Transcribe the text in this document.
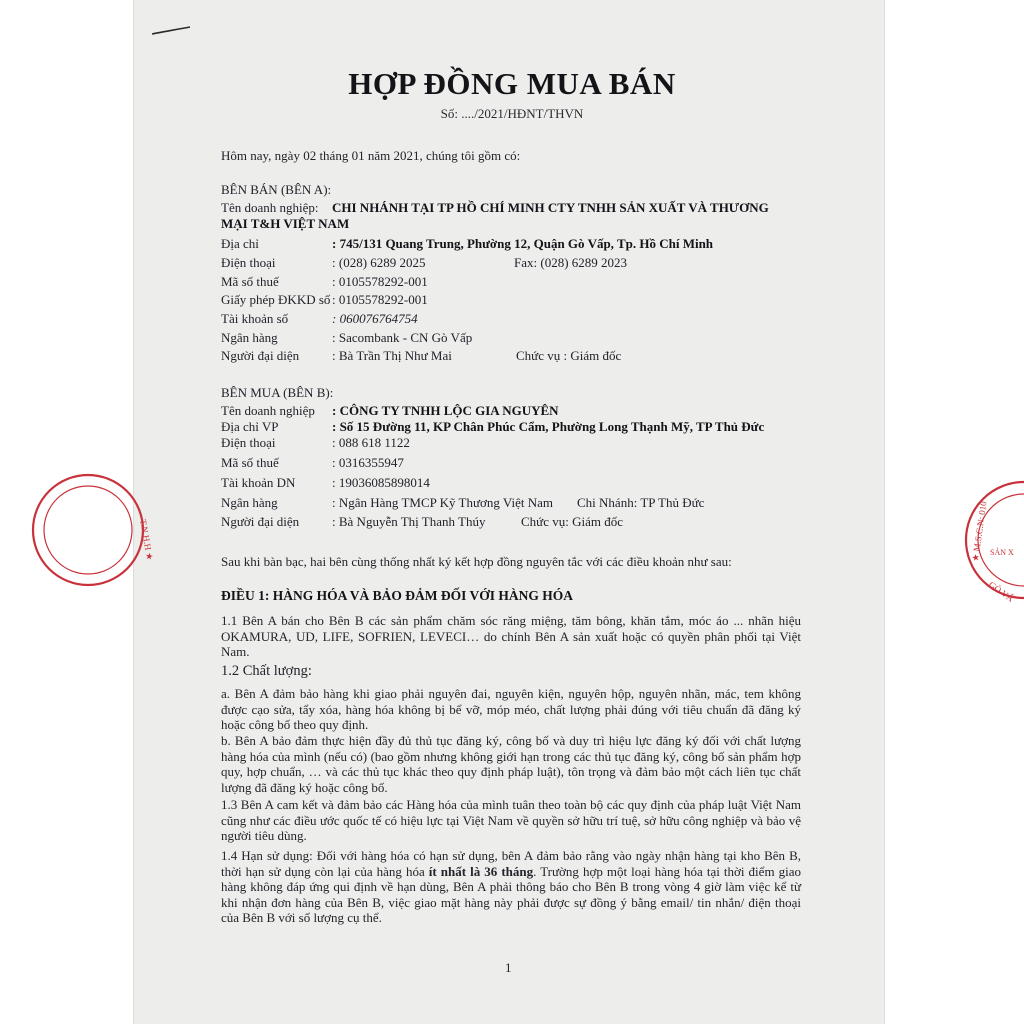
T.N.H.H ★	★ M.S.C.N: 010 SẢN X
GÒ VẤ
HỢP ĐỒNG MUA BÁN
Số: ..../2021/HĐNT/THVN
Hôm nay, ngày 02 tháng 01 năm 2021, chúng tôi gồm có:
BÊN BÁN (BÊN A):
Tên doanh nghiệp: CHI NHÁNH TẠI TP HỒ CHÍ MINH CTY TNHH SẢN XUẤT VÀ THƯƠNG
MẠI T&H VIỆT NAM
Địa chỉ	: 745/131 Quang Trung, Phường 12, Quận Gò Vấp, Tp. Hồ Chí Minh
Điện thoại	: (028) 6289 2025	Fax: (028) 6289 2023
Mã số thuế	: 0105578292-001
Giấy phép ĐKKD số : 0105578292-001
Tài khoản số	: 060076764754
Ngân hàng	: Sacombank - CN Gò Vấp
Người đại diện	: Bà Trần Thị Như Mai	Chức vụ : Giám đốc
BÊN MUA (BÊN B):
Tên doanh nghiệp : CÔNG TY TNHH LỘC GIA NGUYÊN
Địa chỉ VP	: Số 15 Đường 11, KP Chân Phúc Cẩm, Phường Long Thạnh Mỹ, TP Thủ Đức
Điện thoại	: 088 618 1122
Mã số thuế	: 0316355947
Tài khoản DN	: 19036085898014
Ngân hàng	: Ngân Hàng TMCP Kỹ Thương Việt Nam Chi Nhánh: TP Thủ Đức
Người đại diện	: Bà Nguyễn Thị Thanh Thúy	Chức vụ: Giám đốc
Sau khi bàn bạc, hai bên cùng thống nhất ký kết hợp đồng nguyên tắc với các điều khoản như sau:
ĐIỀU 1: HÀNG HÓA VÀ BẢO ĐẢM ĐỐI VỚI HÀNG HÓA
1.1 Bên A bán cho Bên B các sản phẩm chăm sóc răng miệng, tăm bông, khăn tắm, móc áo ... nhãn hiệu OKAMURA, UD, LIFE, SOFRIEN, LEVECI… do chính Bên A sản xuất hoặc có quyền phân phối tại Việt Nam.
1.2 Chất lượng:
a. Bên A đảm bảo hàng khi giao phải nguyên đai, nguyên kiện, nguyên hộp, nguyên nhãn, mác, tem không được cạo sửa, tẩy xóa, hàng hóa không bị bể vỡ, móp méo, chất lượng phải đúng với tiêu chuẩn đã đăng ký hoặc công bố theo quy định.
b. Bên A bảo đảm thực hiện đầy đủ thủ tục đăng ký, công bố và duy trì hiệu lực đăng ký đối với chất lượng hàng hóa của mình (nếu có) (bao gồm nhưng không giới hạn trong các thủ tục đăng ký, công bố sản phẩm hợp quy, hợp chuẩn, … và các thủ tục khác theo quy định pháp luật), tôn trọng và đảm bảo một cách liên tục chất lượng đã đăng ký hoặc công bố.
1.3 Bên A cam kết và đảm bảo các Hàng hóa của mình tuân theo toàn bộ các quy định của pháp luật Việt Nam cũng như các điều ước quốc tế có hiệu lực tại Việt Nam về quyền sở hữu trí tuệ, sở hữu công nghiệp và bảo vệ người tiêu dùng.
1.4 Hạn sử dụng: Đối với hàng hóa có hạn sử dụng, bên A đảm bảo rằng vào ngày nhận hàng tại kho Bên B, thời hạn sử dụng còn lại của hàng hóa ít nhất là 36 tháng. Trường hợp một loại hàng hóa tại thời điểm giao hàng không đáp ứng qui định về hạn dùng, Bên A phải thông báo cho Bên B trong vòng 4 giờ làm việc kể từ khi nhận đơn hàng của Bên B, việc giao mặt hàng này phải được sự đồng ý bằng email/ tin nhắn/ điện thoại của Bên B với số lượng cụ thể.
1
